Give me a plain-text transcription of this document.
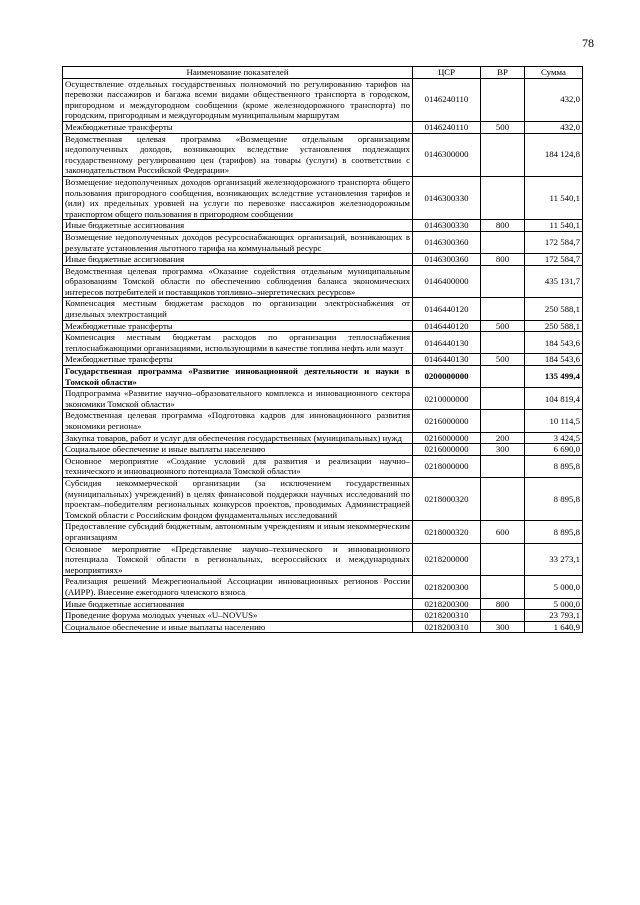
78
Наименование показателей	ЦСР	ВР	Сумма
Осуществление отдельных государственных полномочий по регулированию тарифов на перевозки пассажиров и багажа всеми видами общественного транспорта в городском, пригородном и междугородном сообщении (кроме железнодорожного транспорта) по городским, пригородным и междугородным муниципальным маршрутам	0146240110		432,0
Межбюджетные трансферты	0146240110	500	432,0
Ведомственная целевая программа «Возмещение отдельным организациям недополученных доходов, возникающих вследствие установления подлежащих государственному регулированию цен (тарифов) на товары (услуги) в соответствии с законодательством Российской Федерации»	0146300000		184 124,8
Возмещение недополученных доходов организаций железнодорожного транспорта общего пользования пригородного сообщения, возникающих вследствие установления тарифов и (или) их предельных уровней на услуги по перевозке пассажиров железнодорожным транспортом общего пользования в пригородном сообщении	0146300330		11 540,1
Иные бюджетные ассигнования	0146300330	800	11 540,1
Возмещение недополученных доходов ресурсоснабжающих организаций, возникающих в результате установления льготного тарифа на коммунальный ресурс	0146300360		172 584,7
Иные бюджетные ассигнования	0146300360	800	172 584,7
Ведомственная целевая программа «Оказание содействия отдельным муниципальным образованиям Томской области по обеспечению соблюдения баланса экономических интересов потребителей и поставщиков топливно–энергетических ресурсов»	0146400000		435 131,7
Компенсация местным бюджетам расходов по организации электроснабжения от дизельных электростанций	0146440120		250 588,1
Межбюджетные трансферты	0146440120	500	250 588,1
Компенсация местным бюджетам расходов по организации теплоснабжения теплоснабжающими организациями, использующими в качестве топлива нефть или мазут	0146440130		184 543,6
Межбюджетные трансферты	0146440130	500	184 543,6
Государственная программа «Развитие инновационной деятельности и науки в Томской области»	0200000000		135 499,4
Подпрограмма «Развитие научно–образовательного комплекса и инновационного сектора экономики Томской области»	0210000000		104 819,4
Ведомственная целевая программа «Подготовка кадров для инновационного развития экономики региона»	0216000000		10 114,5
Закупка товаров, работ и услуг для обеспечения государственных (муниципальных) нужд	0216000000	200	3 424,5
Социальное обеспечение и иные выплаты населению	0216000000	300	6 690,0
Основное мероприятие «Создание условий для развития и реализации научно–технического и инновационного потенциала Томской области»	0218000000		8 895,8
Субсидия некоммерческой организации (за исключением государственных (муниципальных) учреждений) в целях финансовой поддержки научных исследований по проектам–победителям региональных конкурсов проектов, проводимых Администрацией Томской области с Российским фондом фундаментальных исследований	0218000320		8 895,8
Предоставление субсидий бюджетным, автономным учреждениям и иным некоммерческим организациям	0218000320	600	8 895,8
Основное мероприятие «Представление научно–технического и инновационного потенциала Томской области в региональных, всероссийских и международных мероприятиях»	0218200000		33 273,1
Реализация решений Межрегиональной Ассоциации инновационных регионов России (АИРР). Внесение ежегодного членского взноса	0218200300		5 000,0
Иные бюджетные ассигнования	0218200300	800	5 000,0
Проведение форума молодых ученых «U–NOVUS»	0218200310		23 793,1
Социальное обеспечение и иные выплаты населению	0218200310	300	1 640,9
